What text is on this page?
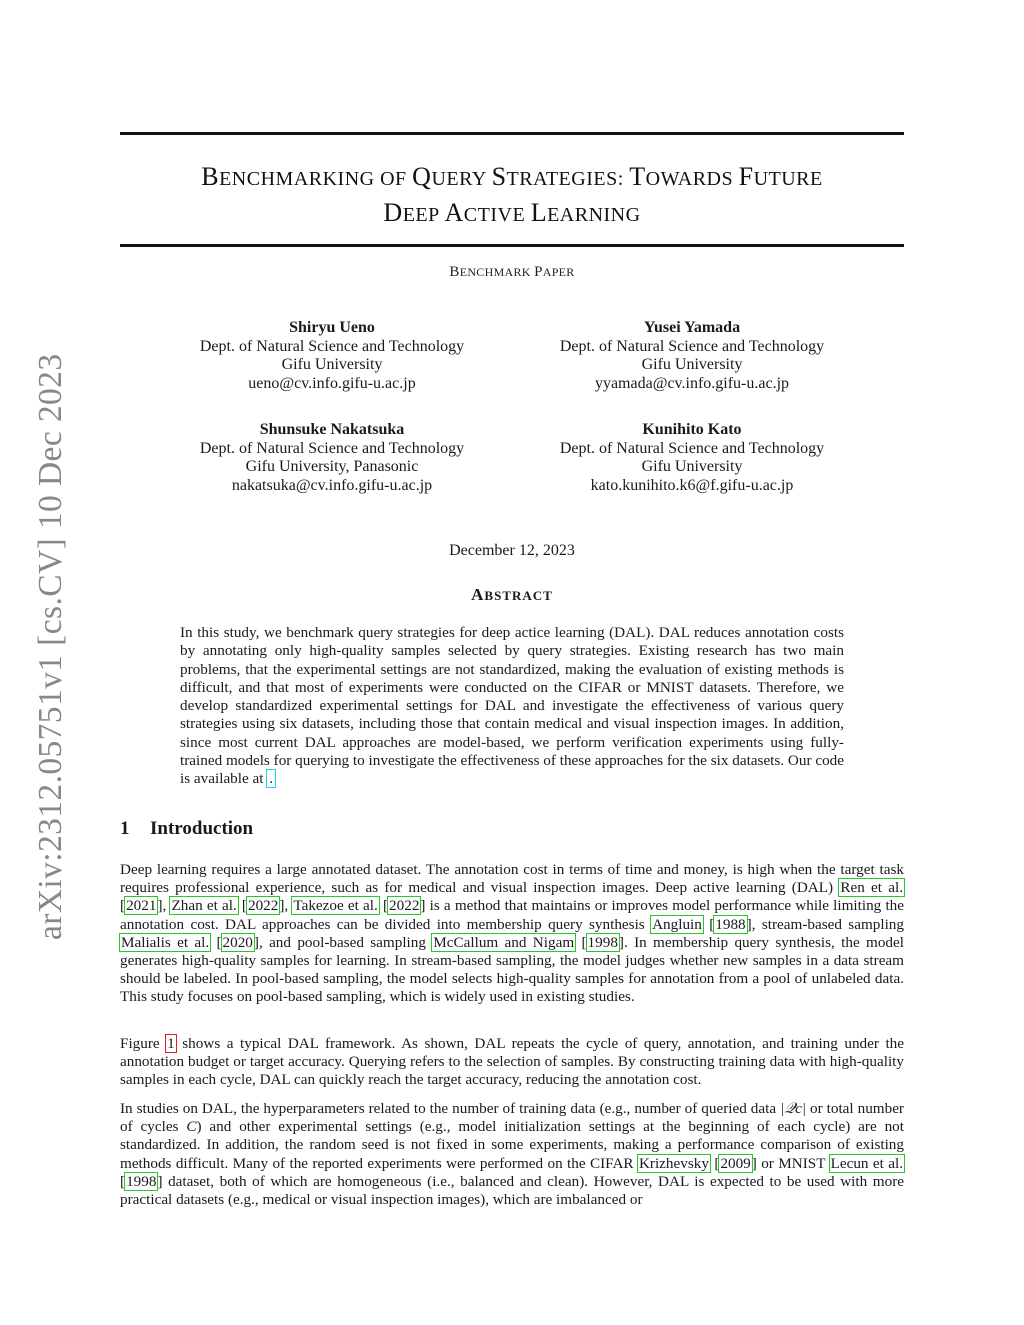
arXiv:2312.05751v1 [cs.CV] 10 Dec 2023
BENCHMARKING OF QUERY STRATEGIES: TOWARDS FUTURE
DEEP ACTIVE LEARNING
BENCHMARK PAPER
Shiryu Ueno
Dept. of Natural Science and Technology
Gifu University
ueno@cv.info.gifu-u.ac.jp
Yusei Yamada
Dept. of Natural Science and Technology
Gifu University
yyamada@cv.info.gifu-u.ac.jp
Shunsuke Nakatsuka
Dept. of Natural Science and Technology
Gifu University, Panasonic
nakatsuka@cv.info.gifu-u.ac.jp
Kunihito Kato
Dept. of Natural Science and Technology
Gifu University
kato.kunihito.k6@f.gifu-u.ac.jp
December 12, 2023
ABSTRACT
In this study, we benchmark query strategies for deep actice learning (DAL). DAL reduces annotation costs by annotating only high-quality samples selected by query strategies. Existing research has two main problems, that the experimental settings are not standardized, making the evaluation of existing methods is difficult, and that most of experiments were conducted on the CIFAR or MNIST datasets. Therefore, we develop standardized experimental settings for DAL and investigate the effectiveness of various query strategies using six datasets, including those that contain medical and visual inspection images. In addition, since most current DAL approaches are model-based, we perform verification experiments using fully-trained models for querying to investigate the effectiveness of these approaches for the six datasets. Our code is available at .
1 Introduction
Deep learning requires a large annotated dataset. The annotation cost in terms of time and money, is high when the target task requires professional experience, such as for medical and visual inspection images. Deep active learning (DAL) Ren et al. [2021], Zhan et al. [2022], Takezoe et al. [2022] is a method that maintains or improves model performance while limiting the annotation cost. DAL approaches can be divided into membership query synthesis Angluin [1988], stream-based sampling Malialis et al. [2020], and pool-based sampling McCallum and Nigam [1998]. In membership query synthesis, the model generates high-quality samples for learning. In stream-based sampling, the model judges whether new samples in a data stream should be labeled. In pool-based sampling, the model selects high-quality samples for annotation from a pool of unlabeled data. This study focuses on pool-based sampling, which is widely used in existing studies.
Figure 1 shows a typical DAL framework. As shown, DAL repeats the cycle of query, annotation, and training under the annotation budget or target accuracy. Querying refers to the selection of samples. By constructing training data with high-quality samples in each cycle, DAL can quickly reach the target accuracy, reducing the annotation cost.
In studies on DAL, the hyperparameters related to the number of training data (e.g., number of queried data |𝒬c| or total number of cycles C) and other experimental settings (e.g., model initialization settings at the beginning of each cycle) are not standardized. In addition, the random seed is not fixed in some experiments, making a performance comparison of existing methods difficult. Many of the reported experiments were performed on the CIFAR Krizhevsky [2009] or MNIST Lecun et al. [1998] dataset, both of which are homogeneous (i.e., balanced and clean). However, DAL is expected to be used with more practical datasets (e.g., medical or visual inspection images), which are imbalanced or
